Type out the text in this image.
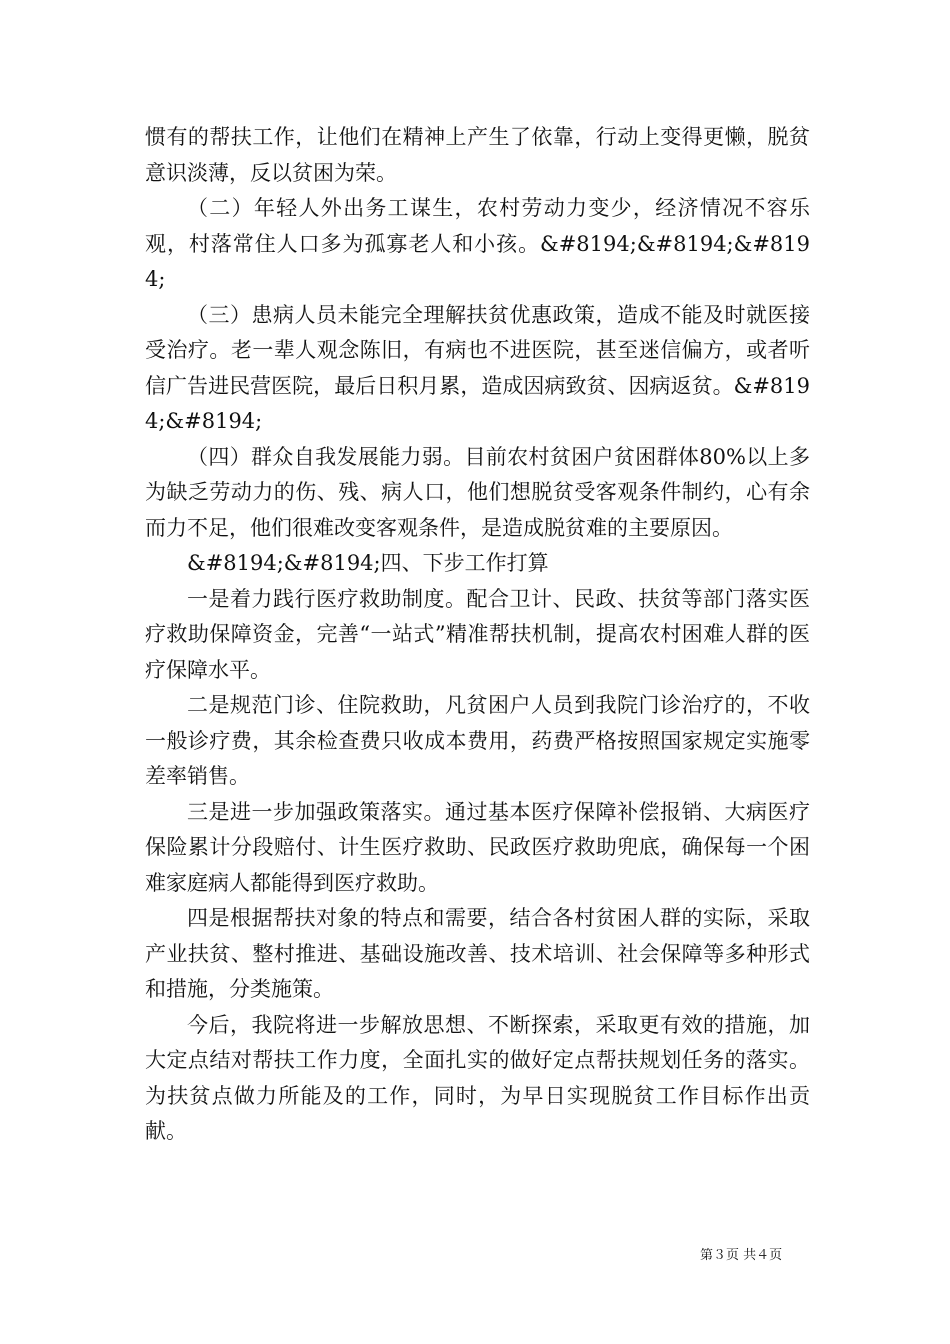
惯有的帮扶工作，让他们在精神上产生了依靠，行动上变得更懒，脱贫意识淡薄，反以贫困为荣。

（二）年轻人外出务工谋生，农村劳动力变少，经济情况不容乐观，村落常住人口多为孤寡老人和小孩。&#8194;&#8194;&#8194;

（三）患病人员未能完全理解扶贫优惠政策，造成不能及时就医接受治疗。老一辈人观念陈旧，有病也不进医院，甚至迷信偏方，或者听信广告进民营医院，最后日积月累，造成因病致贫、因病返贫。&#8194;&#8194;

（四）群众自我发展能力弱。目前农村贫困户贫困群体80%以上多为缺乏劳动力的伤、残、病人口，他们想脱贫受客观条件制约，心有余而力不足，他们很难改变客观条件，是造成脱贫难的主要原因。

&#8194;&#8194;四、下步工作打算

一是着力践行医疗救助制度。配合卫计、民政、扶贫等部门落实医疗救助保障资金，完善“一站式”精准帮扶机制，提高农村困难人群的医疗保障水平。

二是规范门诊、住院救助，凡贫困户人员到我院门诊治疗的，不收一般诊疗费，其余检查费只收成本费用，药费严格按照国家规定实施零差率销售。

三是进一步加强政策落实。通过基本医疗保障补偿报销、大病医疗保险累计分段赔付、计生医疗救助、民政医疗救助兜底，确保每一个困难家庭病人都能得到医疗救助。

四是根据帮扶对象的特点和需要，结合各村贫困人群的实际，采取产业扶贫、整村推进、基础设施改善、技术培训、社会保障等多种形式和措施，分类施策。

今后，我院将进一步解放思想、不断探索，采取更有效的措施，加大定点结对帮扶工作力度，全面扎实的做好定点帮扶规划任务的落实。为扶贫点做力所能及的工作，同时，为早日实现脱贫工作目标作出贡献。

第３页 共４页
